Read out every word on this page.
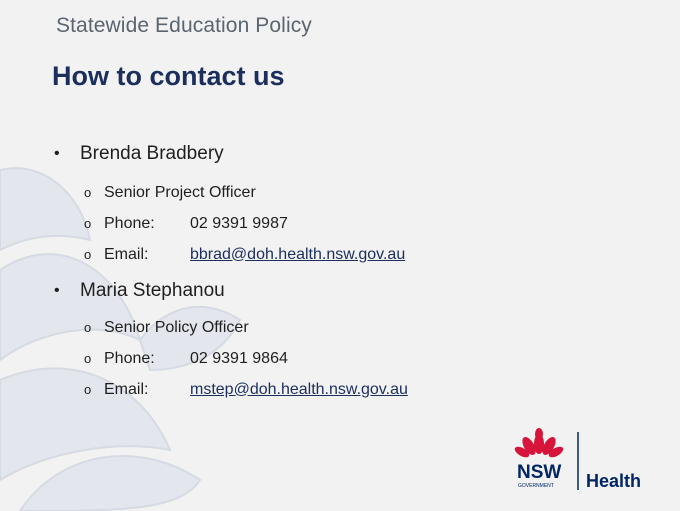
Statewide Education Policy
How to contact us
•	Brenda Bradbery
o Senior Project Officer
o Phone:	02 9391 9987
o Email:	bbrad@doh.health.nsw.gov.au
•	Maria Stephanou
o Senior Policy Officer
o Phone:	02 9391 9864
o Email:	mstep@doh.health.nsw.gov.au
NSW
GOVERNMENT Health
